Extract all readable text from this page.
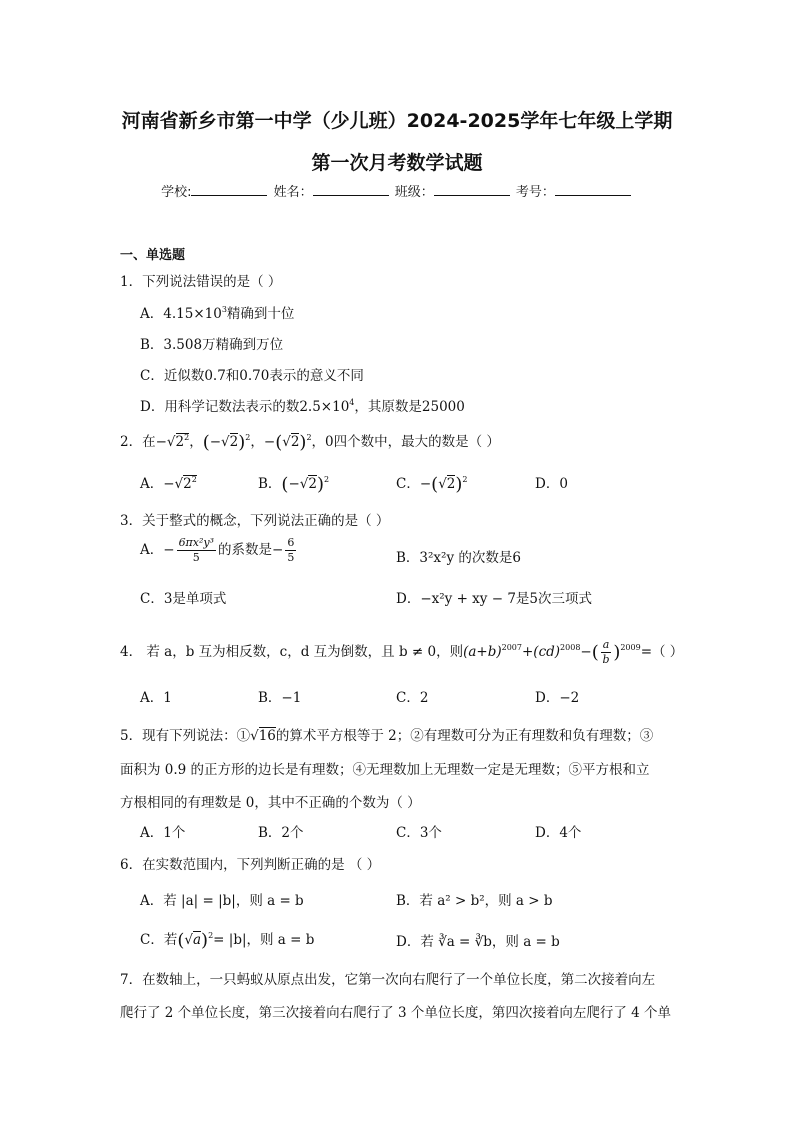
河南省新乡市第一中学（少儿班）2024-2025学年七年级上学期
第一次月考数学试题
学校:	姓名：	班级：	考号：
一、单选题
1．下列说法错误的是（ ）
A．$4.15\times 10^3$精确到十位
B．3.508万精确到万位
C．近似数0.7和0.70表示的意义不同
D．用科学记数法表示的数$2.5\times 10^4$，其原数是25000
2．在$-√2^2$，$(-√2)^2$，$-(√2)^2$，0四个数中，最大的数是（ ）
A．$-√2^2$	B．$(-√2)^2$	C．$-(√2)^2$	D．0
3．关于整式的概念，下列说法正确的是（ ）
A．− $\frac{\text{6πx²y³}}{5}$ 的系数是− $\frac{6}{5}$	B．3²x²y 的次数是6
C．3是单项式	D．−x²y + xy − 7是5次三项式
4． 若 a，b 互为相反数，c，d 互为倒数，且 b ≠ 0，则$(a+b)^{2007}+(cd)^{2008}-( \frac{a}{b} )^{2009}=$（ ）
A．1	B．−1	C．2	D．−2
5．现有下列说法：①√16的算术平方根等于 2；②有理数可分为正有理数和负有理数；③
面积为 0.9 的正方形的边长是有理数；④无理数加上无理数一定是无理数；⑤平方根和立
方根相同的有理数是 0，其中不正确的个数为（ ）
A．1个	B．2个	C．3个	D．4个
6．在实数范围内，下列判断正确的是 （ ）
A．若 |a| = |b|，则 a = b	B．若 a² > b²，则 a > b
C．若$(√a)^2= |b|$，则 a = b	D．若 ∛a = ∛b，则 a = b
7．在数轴上，一只蚂蚁从原点出发，它第一次向右爬行了一个单位长度，第二次接着向左
爬行了 2 个单位长度，第三次接着向右爬行了 3 个单位长度，第四次接着向左爬行了 4 个单
